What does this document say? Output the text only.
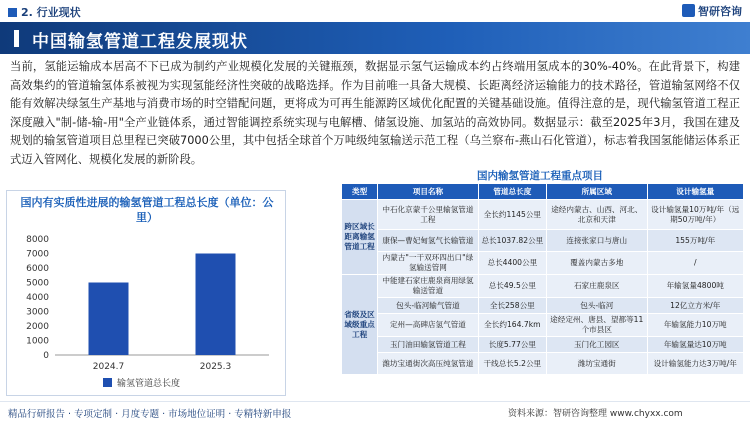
2. 行业现状	智研咨询
中国输氢管道工程发展现状
当前，氢能运输成本居高不下已成为制约产业规模化发展的关键瓶颈，数据显示氢气运输成本约占终端用氢成本的30%-40%。在此背景下，构建高效集约的管道输氢体系被视为实现氢能经济性突破的战略选择。作为目前唯一具备大规模、长距离经济运输能力的技术路径，管道输氢网络不仅能有效解决绿氢生产基地与消费市场的时空错配问题，更将成为可再生能源跨区域优化配置的关键基础设施。值得注意的是，现代输氢管道工程正深度融入"制-储-输-用"全产业链体系，通过智能调控系统实现与电解槽、储氢设施、加氢站的高效协同。数据显示：截至2025年3月，我国在建及规划的输氢管道项目总里程已突破7000公里，其中包括全球首个万吨级纯氢输送示范工程（乌兰察布-燕山石化管道），标志着我国氢能储运体系正式迈入管网化、规模化发展的新阶段。
国内有实质性进展的输氢管道工程总长度（单位：公里）
0
1000
2000
3000
4000
5000
6000
7000
8000
2024.7	2025.3
输氢管道总长度
国内输氢管道工程重点项目
类型	项目名称	管道总长度	所属区域	设计输氢量
跨区域长距离输氢管道工程	中石化京蒙千公里输氢管道工程	全长约1145公里	途经内蒙古、山西、河北、北京和天津	设计输氢量10万吨/年（远期50万吨/年）
	康保—曹妃甸氢气长输管道	总长1037.82公里	连接张家口与唐山	155万吨/年
	内蒙古"一干双环四出口"绿氢输送管网	总长4400公里	覆盖内蒙古多地	/
省级及区域级重点工程	中能建石家庄鹿泉商用绿氢输送管道	总长49.5公里	石家庄鹿泉区	年输氢量4800吨
	包头-临河输气管道	全长258公里	包头-临河	12亿立方米/年
	定州—高碑店氢气管道	全长约164.7km	途经定州、唐县、望都等11个市县区	年输氢能力10万吨
	玉门油田输氢管道工程	长度5.77公里	玉门化工园区	年输氢量达10万吨
	潍坊宝通街次高压纯氢管道	干线总长5.2公里	潍坊宝通街	设计输氢能力达3万吨/年
精品行研报告 · 专项定制 · 月度专题 · 市场地位证明 · 专精特新申报	资料来源：智研咨询整理 www.chyxx.com
